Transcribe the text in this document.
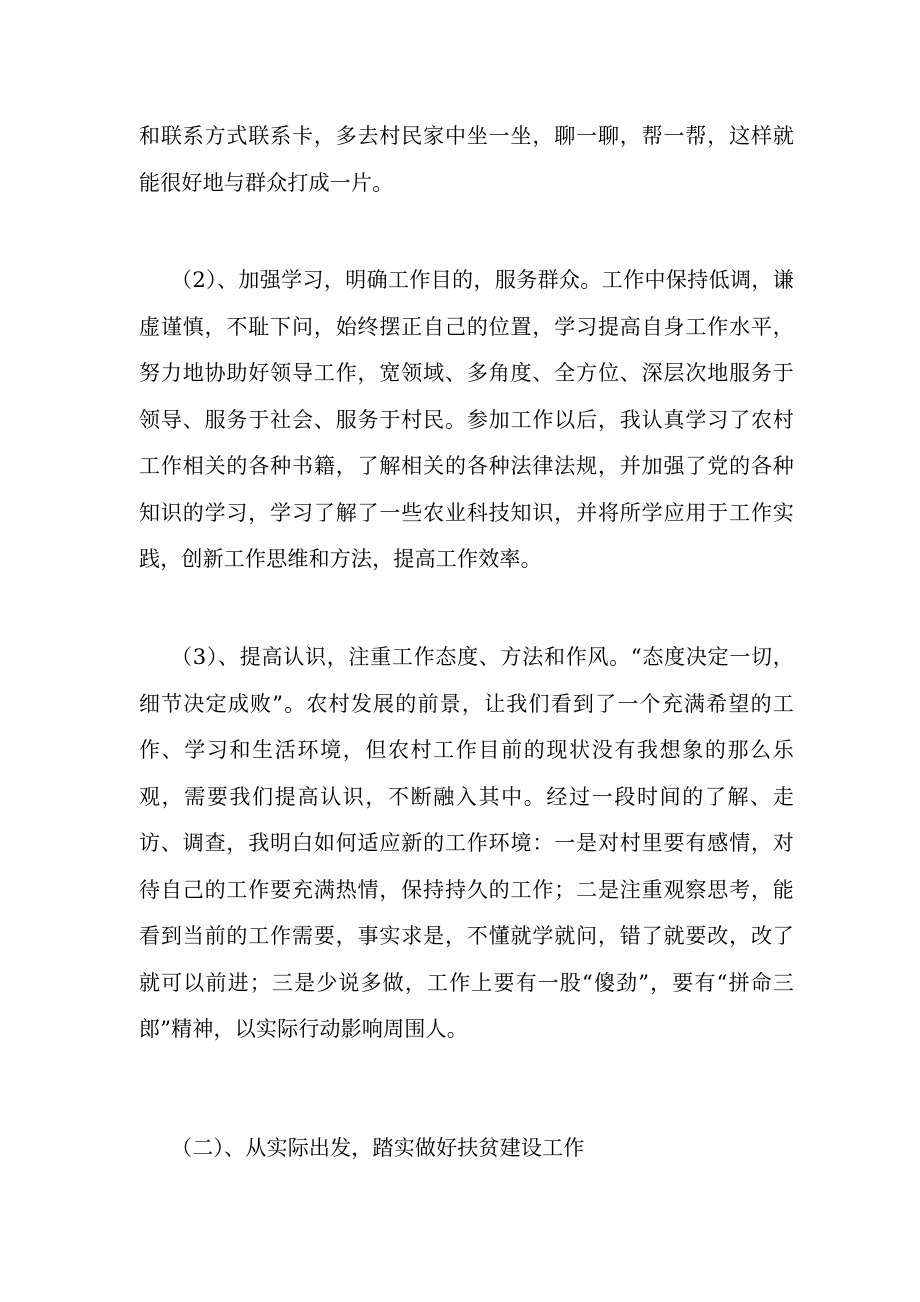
和联系方式联系卡，多去村民家中坐一坐，聊一聊，帮一帮，这样就能很好地与群众打成一片。

（2）、加强学习，明确工作目的，服务群众。工作中保持低调，谦虚谨慎，不耻下问，始终摆正自己的位置，学习提高自身工作水平，努力地协助好领导工作，宽领域、多角度、全方位、深层次地服务于领导、服务于社会、服务于村民。参加工作以后，我认真学习了农村工作相关的各种书籍，了解相关的各种法律法规，并加强了党的各种知识的学习，学习了解了一些农业科技知识，并将所学应用于工作实践，创新工作思维和方法，提高工作效率。

（3）、提高认识，注重工作态度、方法和作风。“态度决定一切，细节决定成败”。农村发展的前景，让我们看到了一个充满希望的工作、学习和生活环境，但农村工作目前的现状没有我想象的那么乐观，需要我们提高认识，不断融入其中。经过一段时间的了解、走访、调查，我明白如何适应新的工作环境：一是对村里要有感情，对待自己的工作要充满热情，保持持久的工作；二是注重观察思考，能看到当前的工作需要，事实求是，不懂就学就问，错了就要改，改了就可以前进；三是少说多做，工作上要有一股“傻劲”，要有“拼命三郎”精神，以实际行动影响周围人。

（二）、从实际出发，踏实做好扶贫建设工作
